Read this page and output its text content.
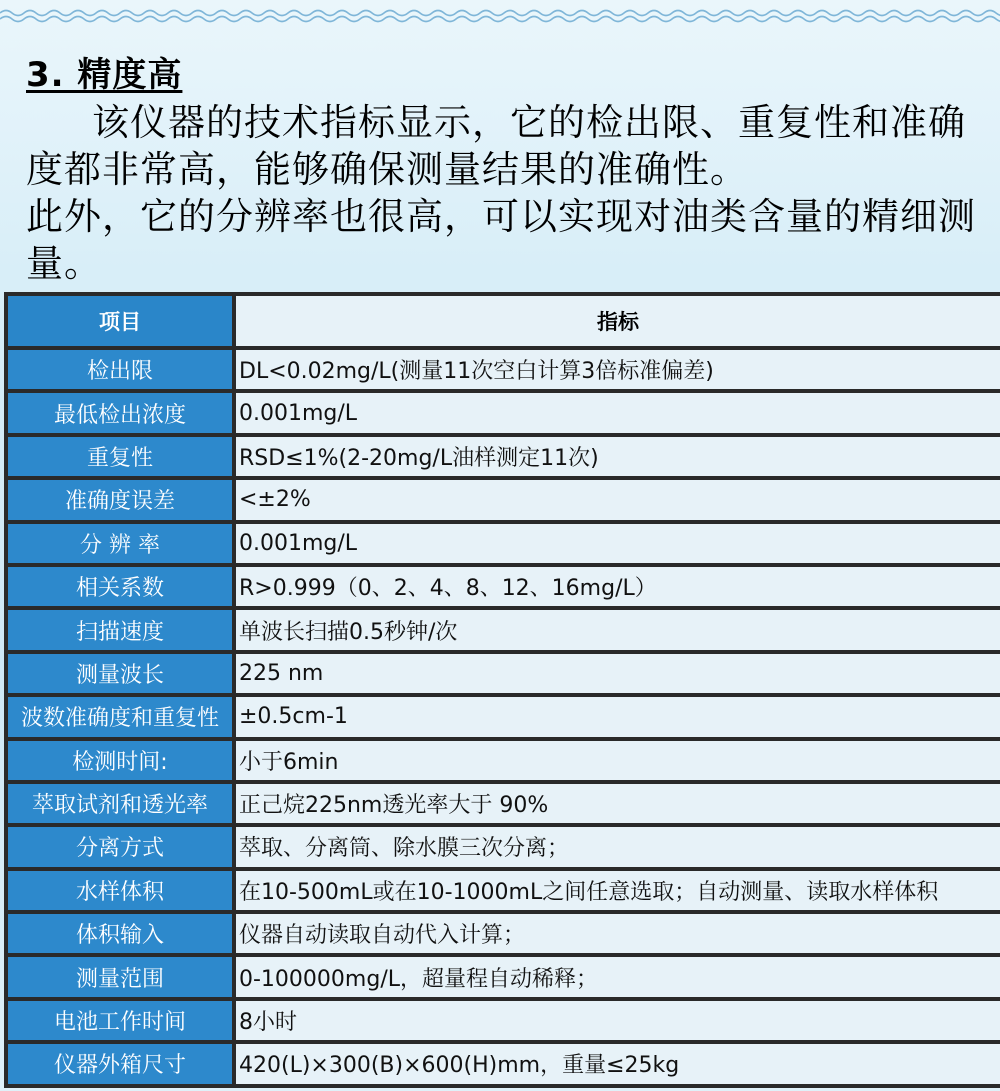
3. 精度高
该仪器的技术指标显示，它的检出限、重复性和准确度都非常高，能够确保测量结果的准确性。
此外，它的分辨率也很高，可以实现对油类含量的精细测量。
项目	指标
检出限	DL<0.02mg/L(测量11次空白计算3倍标准偏差)
最低检出浓度	0.001mg/L
重复性	RSD≤1%(2-20mg/L油样测定11次)
准确度误差	<±2%
分 辨 率	0.001mg/L
相关系数	R>0.999（0、2、4、8、12、16mg/L）
扫描速度	单波长扫描0.5秒钟/次
测量波长	225 nm
波数准确度和重复性	±0.5cm-1
检测时间:	小于6min
萃取试剂和透光率	正己烷225nm透光率大于 90%
分离方式	萃取、分离筒、除水膜三次分离；
水样体积	在10-500mL或在10-1000mL之间任意选取；自动测量、读取水样体积
体积输入	仪器自动读取自动代入计算；
测量范围	0-100000mg/L，超量程自动稀释；
电池工作时间	8小时
仪器外箱尺寸	420(L)×300(B)×600(H)mm，重量≤25kg
